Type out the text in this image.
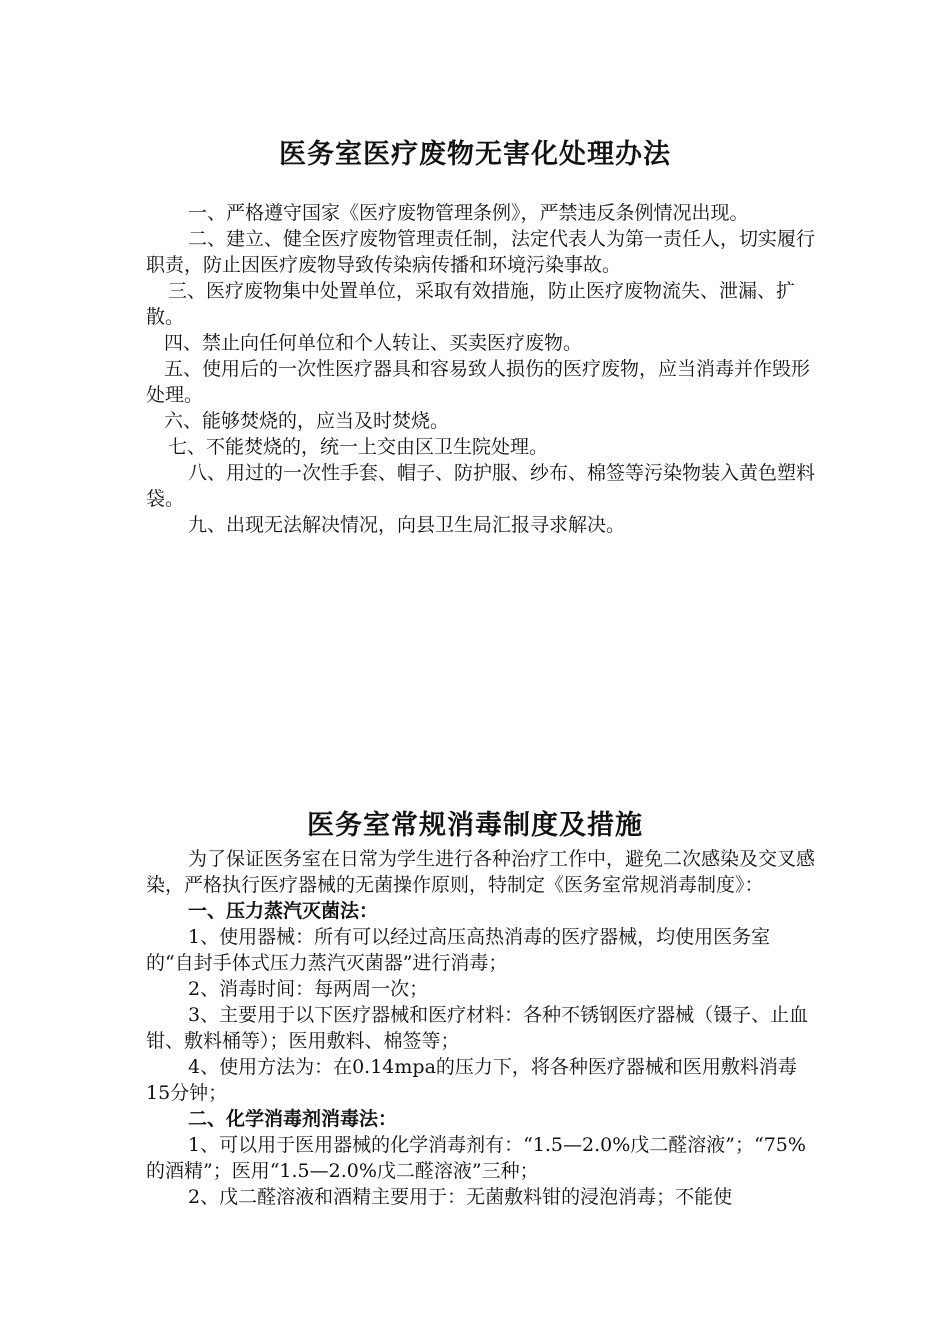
医务室医疗废物无害化处理办法

一、严格遵守国家《医疗废物管理条例》，严禁违反条例情况出现。

二、建立、健全医疗废物管理责任制，法定代表人为第一责任人，切实履行职责，防止因医疗废物导致传染病传播和环境污染事故。

三、医疗废物集中处置单位，采取有效措施，防止医疗废物流失、泄漏、扩散。

四、禁止向任何单位和个人转让、买卖医疗废物。

五、使用后的一次性医疗器具和容易致人损伤的医疗废物，应当消毒并作毁形处理。

六、能够焚烧的，应当及时焚烧。

七、不能焚烧的，统一上交由区卫生院处理。

八、用过的一次性手套、帽子、防护服、纱布、棉签等污染物装入黄色塑料袋。

九、出现无法解决情况，向县卫生局汇报寻求解决。

医务室常规消毒制度及措施

为了保证医务室在日常为学生进行各种治疗工作中，避免二次感染及交叉感染，严格执行医疗器械的无菌操作原则，特制定《医务室常规消毒制度》：

一、压力蒸汽灭菌法：

1、使用器械：所有可以经过高压高热消毒的医疗器械，均使用医务室的“自封手体式压力蒸汽灭菌器”进行消毒；

2、消毒时间：每两周一次；

3、主要用于以下医疗器械和医疗材料：各种不锈钢医疗器械（镊子、止血钳、敷料桶等）；医用敷料、棉签等；

4、使用方法为：在0.14mpa的压力下，将各种医疗器械和医用敷料消毒15分钟；

二、化学消毒剂消毒法：

1、可以用于医用器械的化学消毒剂有：“1.5—2.0%戊二醛溶液”；“75%的酒精”；医用“1.5—2.0%戊二醛溶液”三种；

2、戊二醛溶液和酒精主要用于：无菌敷料钳的浸泡消毒；不能使
